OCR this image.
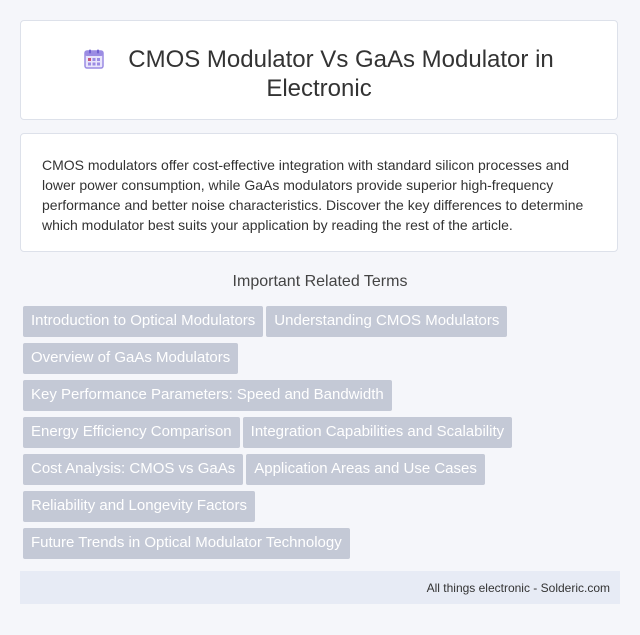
CMOS Modulator Vs GaAs Modulator in
Electronic

CMOS modulators offer cost-effective integration with standard silicon processes and lower power consumption, while GaAs modulators provide superior high-frequency performance and better noise characteristics. Discover the key differences to determine which modulator best suits your application by reading the rest of the article.

Important Related Terms
Introduction to Optical Modulators Understanding CMOS Modulators
Overview of GaAs Modulators
Key Performance Parameters: Speed and Bandwidth
Energy Efficiency Comparison Integration Capabilities and Scalability
Cost Analysis: CMOS vs GaAs Application Areas and Use Cases
Reliability and Longevity Factors
Future Trends in Optical Modulator Technology
All things electronic - Solderic.com
